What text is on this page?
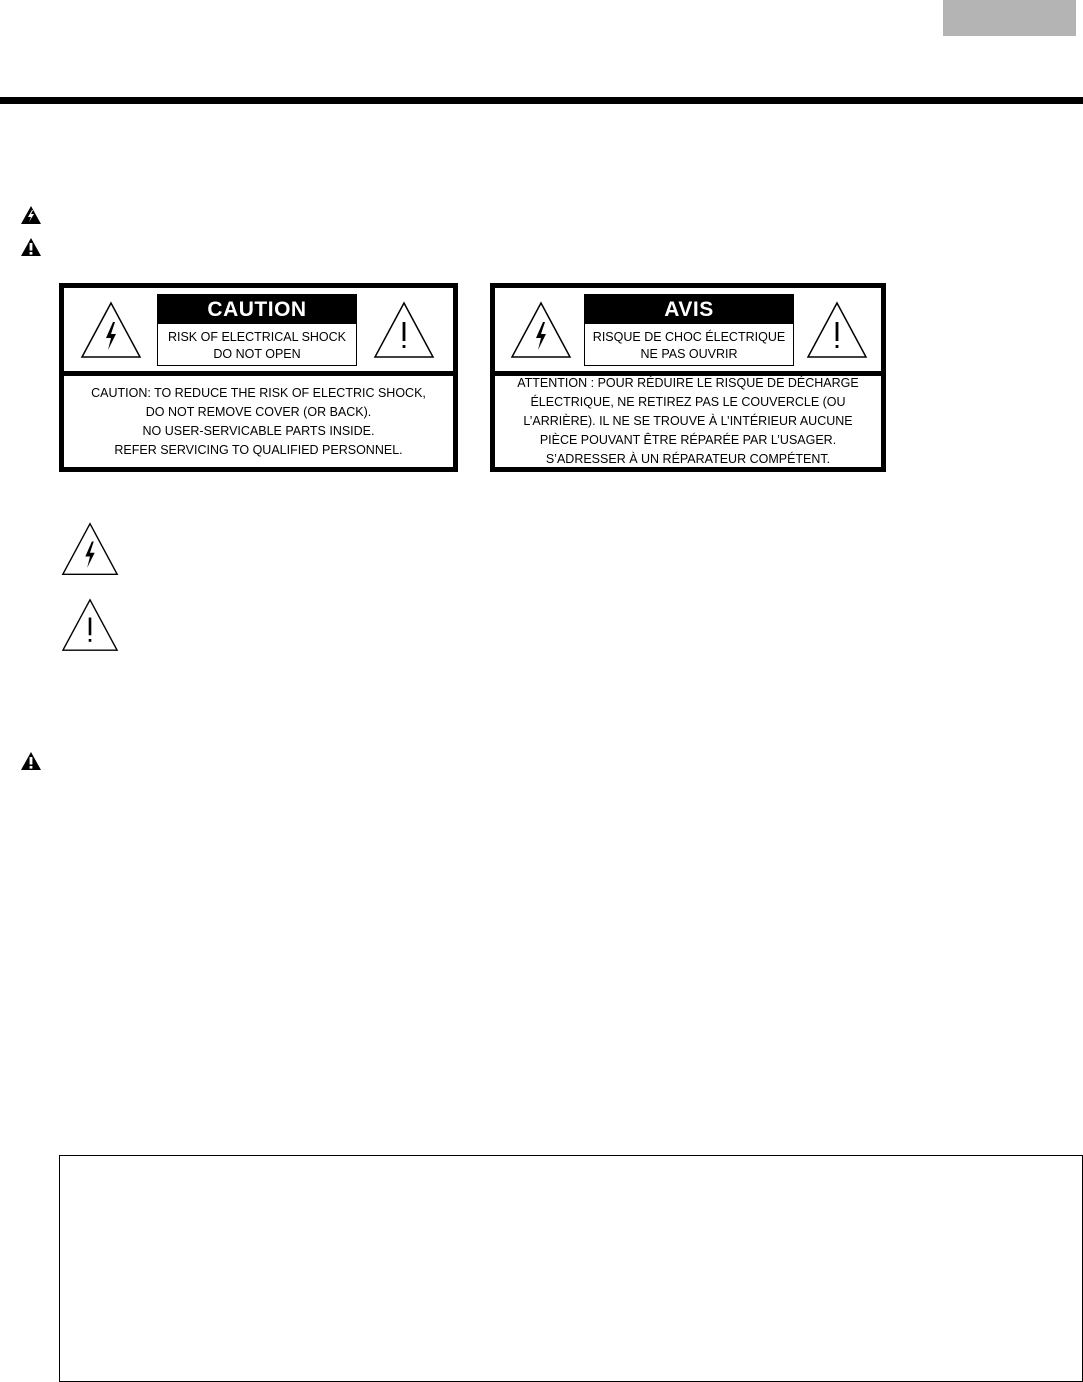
CAUTION
RISK OF ELECTRICAL SHOCK
DO NOT OPEN
CAUTION: TO REDUCE THE RISK OF ELECTRIC SHOCK,
DO NOT REMOVE COVER (OR BACK).
NO USER-SERVICABLE PARTS INSIDE.
REFER SERVICING TO QUALIFIED PERSONNEL.
AVIS
RISQUE DE CHOC ÉLECTRIQUE
NE PAS OUVRIR
ATTENTION : POUR RÉDUIRE LE RISQUE DE DÉCHARGE
ÉLECTRIQUE, NE RETIREZ PAS LE COUVERCLE (OU
L’ARRIÈRE). IL NE SE TROUVE À L’INTÉRIEUR AUCUNE
PIÈCE POUVANT ÊTRE RÉPARÉE PAR L’USAGER.
S’ADRESSER À UN RÉPARATEUR COMPÉTENT.
